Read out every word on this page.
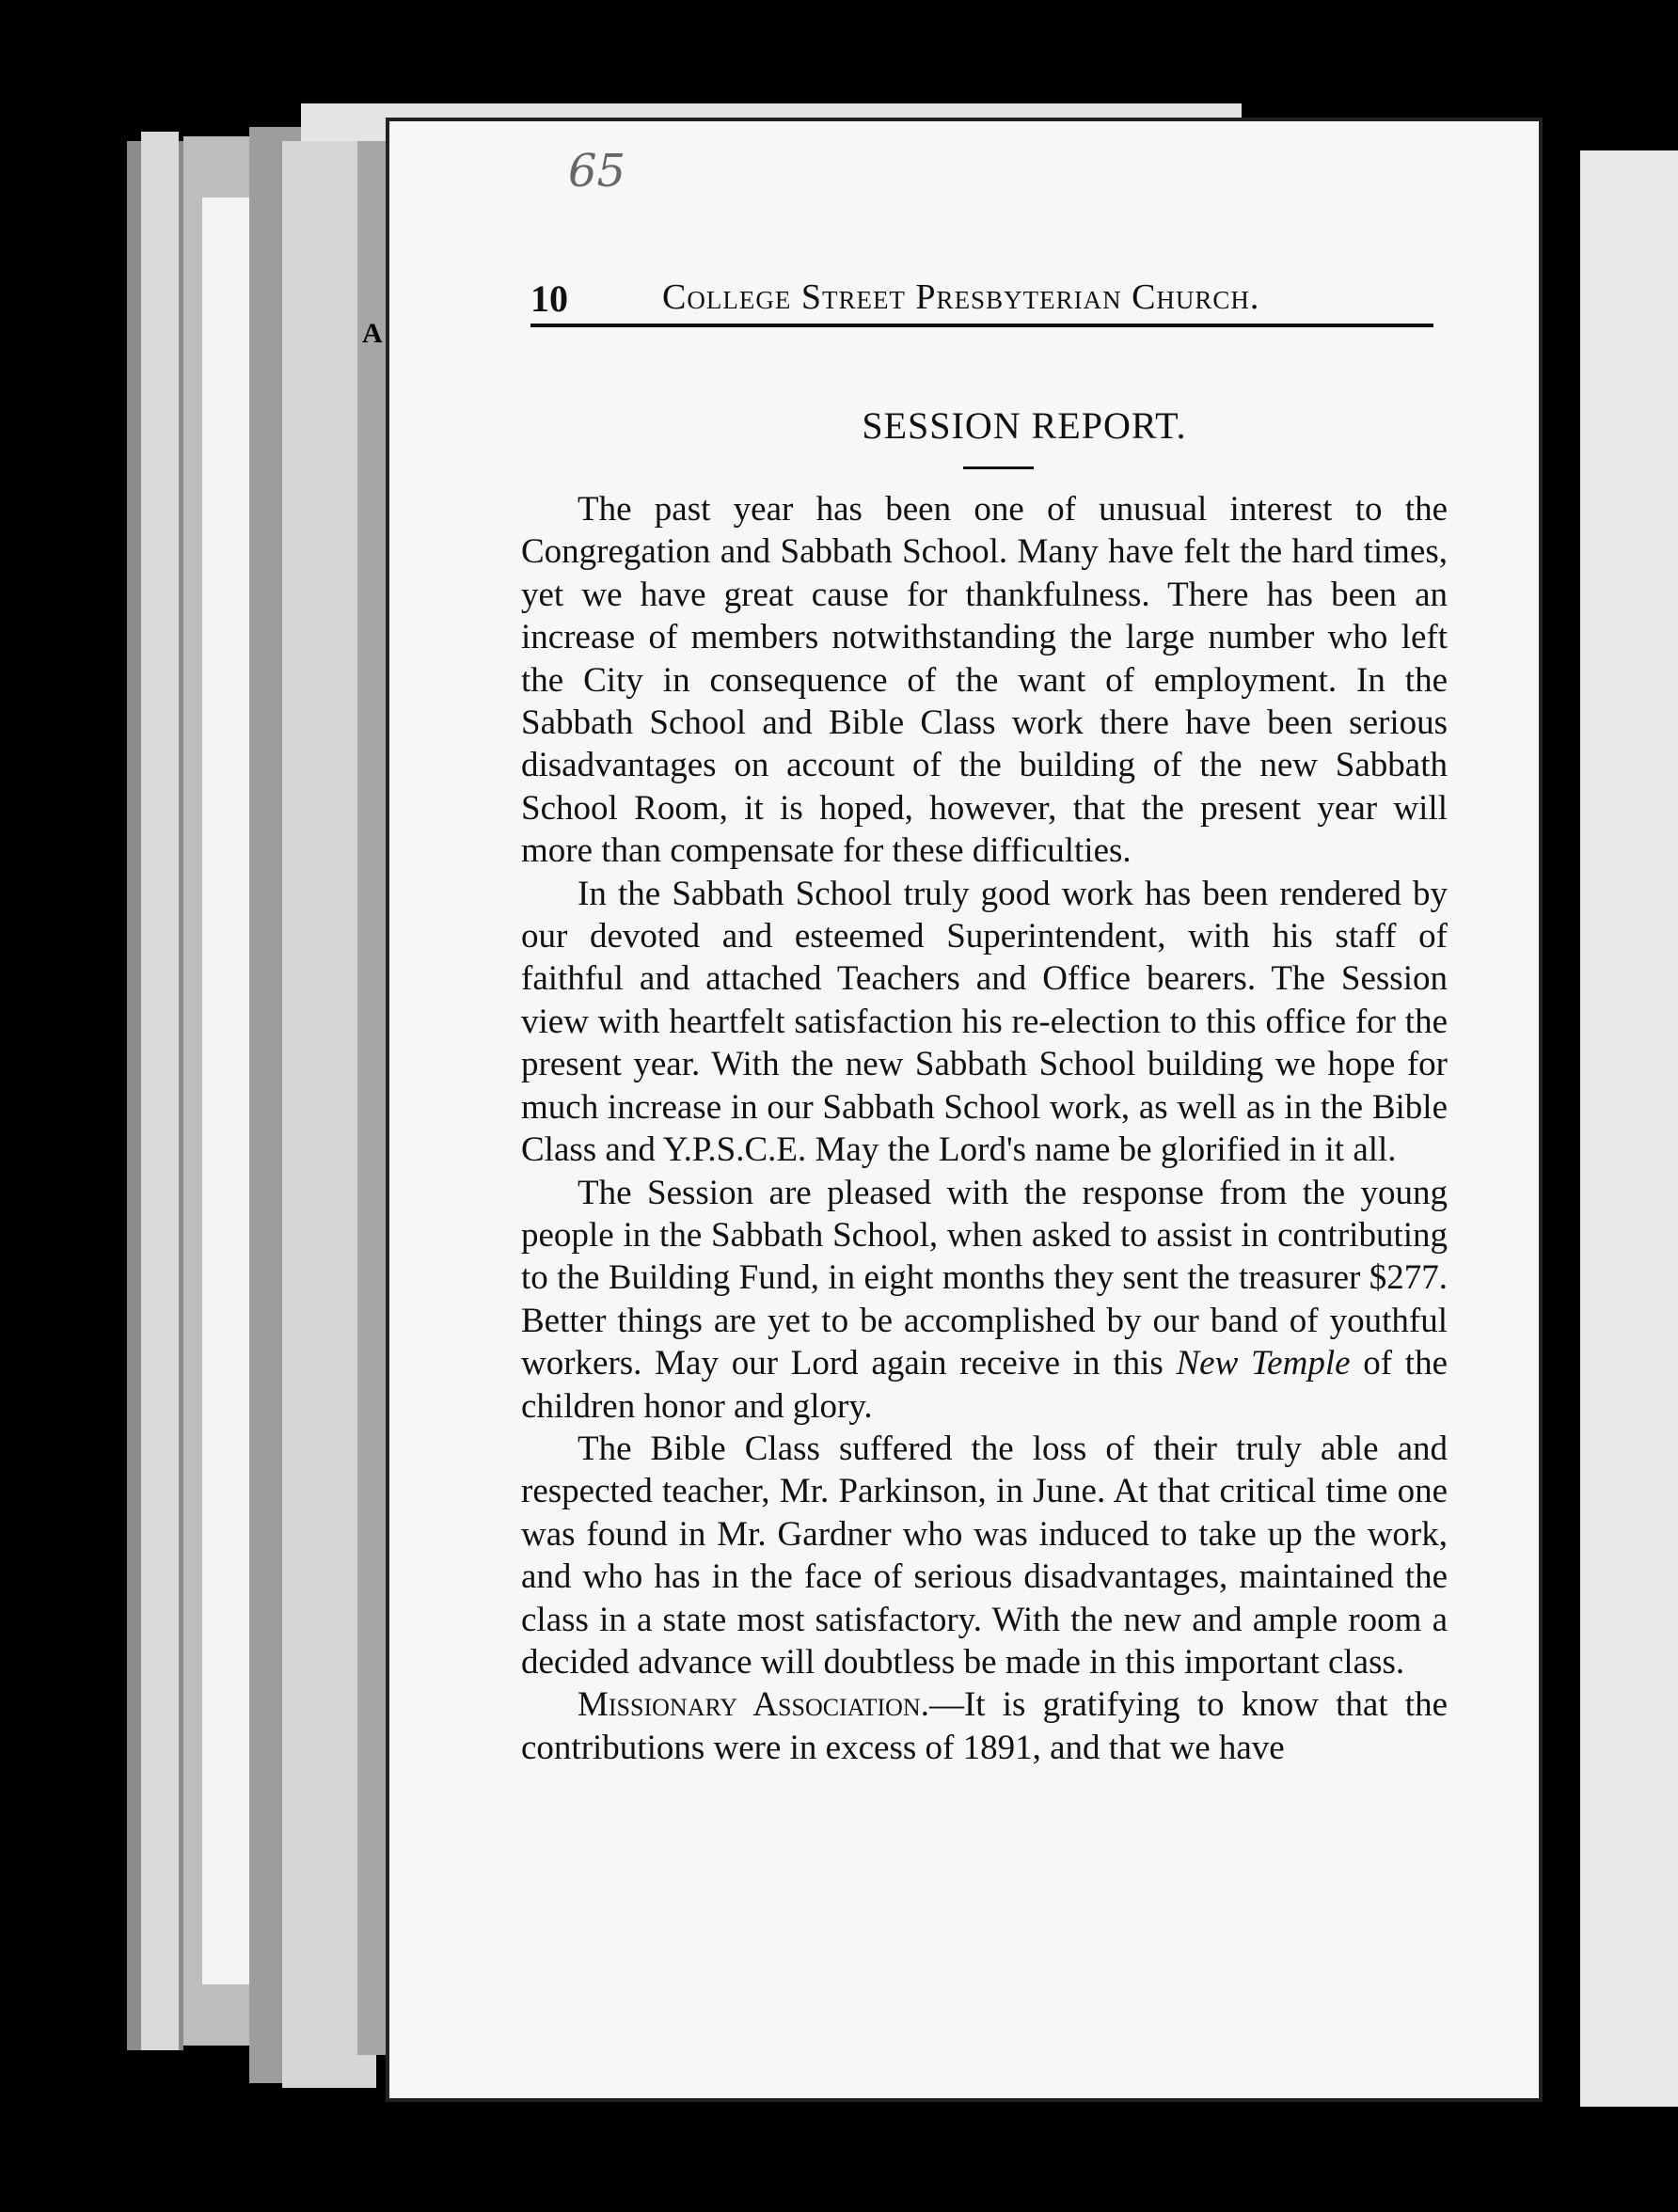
A
65
10	College Street Presbyterian Church.
SESSION REPORT.

The past year has been one of unusual interest to the Congregation and Sabbath School. Many have felt the hard times, yet we have great cause for thankfulness. There has been an increase of members notwithstanding the large number who left the City in consequence of the want of employment. In the Sabbath School and Bible Class work there have been serious disadvantages on account of the building of the new Sabbath School Room, it is hoped, however, that the present year will more than compensate for these difficulties.

In the Sabbath School truly good work has been rendered by our devoted and esteemed Superintendent, with his staff of faithful and attached Teachers and Office bearers. The Session view with heartfelt satisfaction his re-election to this office for the present year. With the new Sabbath School building we hope for much increase in our Sabbath School work, as well as in the Bible Class and Y.P.S.C.E. May the Lord's name be glorified in it all.

The Session are pleased with the response from the young people in the Sabbath School, when asked to assist in contributing to the Building Fund, in eight months they sent the treasurer $277. Better things are yet to be accomplished by our band of youthful workers. May our Lord again receive in this New Temple of the children honor and glory.

The Bible Class suffered the loss of their truly able and respected teacher, Mr. Parkinson, in June. At that critical time one was found in Mr. Gardner who was induced to take up the work, and who has in the face of serious disadvantages, maintained the class in a state most satisfactory. With the new and ample room a decided advance will doubtless be made in this important class.

Missionary Association.—It is gratifying to know that the contributions were in excess of 1891, and that we have
